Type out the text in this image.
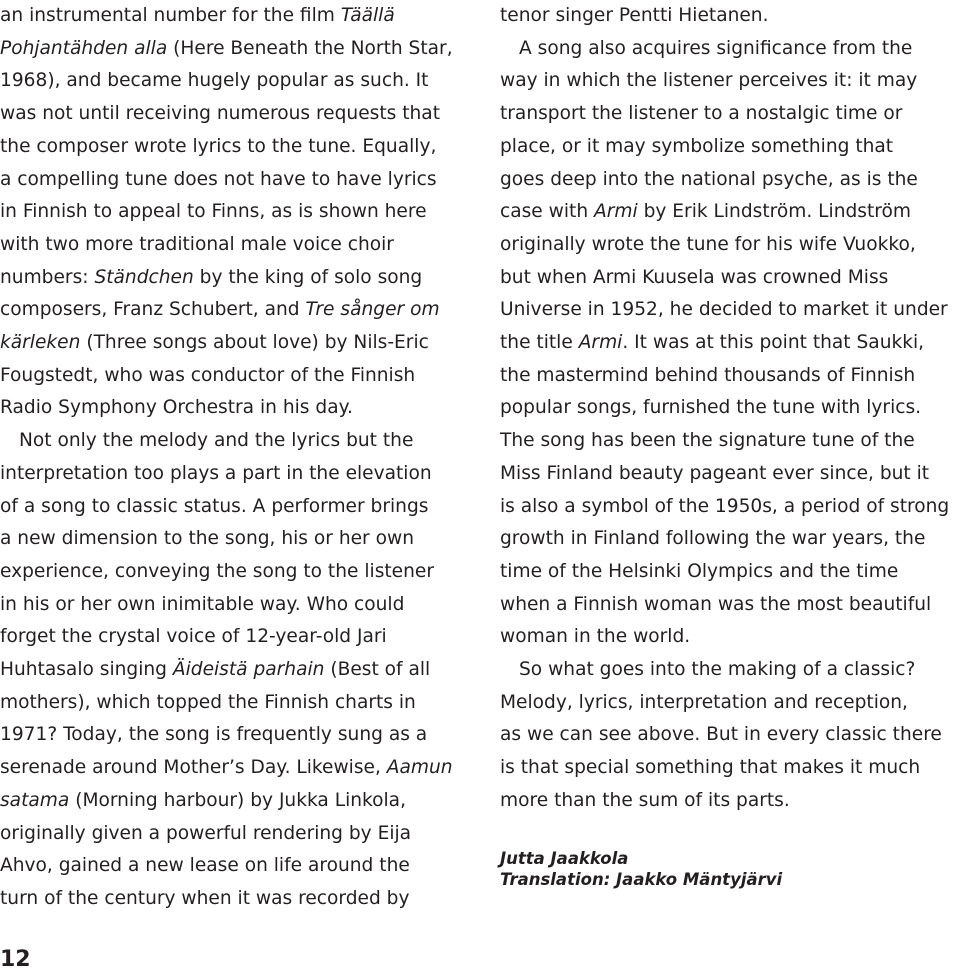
an instrumental number for the film Täällä
Pohjantähden alla (Here Beneath the North Star,
1968), and became hugely popular as such. It
was not until receiving numerous requests that
the composer wrote lyrics to the tune. Equally,
a compelling tune does not have to have lyrics
in Finnish to appeal to Finns, as is shown here
with two more traditional male voice choir
numbers: Ständchen by the king of solo song
composers, Franz Schubert, and Tre sånger om
kärleken (Three songs about love) by Nils-Eric
Fougstedt, who was conductor of the Finnish
Radio Symphony Orchestra in his day.
Not only the melody and the lyrics but the
interpretation too plays a part in the elevation
of a song to classic status. A performer brings
a new dimension to the song, his or her own
experience, conveying the song to the listener
in his or her own inimitable way. Who could
forget the crystal voice of 12-year-old Jari
Huhtasalo singing Äideistä parhain (Best of all
mothers), which topped the Finnish charts in
1971? Today, the song is frequently sung as a
serenade around Mother’s Day. Likewise, Aamun
satama (Morning harbour) by Jukka Linkola,
originally given a powerful rendering by Eija
Ahvo, gained a new lease on life around the
turn of the century when it was recorded by
tenor singer Pentti Hietanen.
A song also acquires significance from the
way in which the listener perceives it: it may
transport the listener to a nostalgic time or
place, or it may symbolize something that
goes deep into the national psyche, as is the
case with Armi by Erik Lindström. Lindström
originally wrote the tune for his wife Vuokko,
but when Armi Kuusela was crowned Miss
Universe in 1952, he decided to market it under
the title Armi. It was at this point that Saukki,
the mastermind behind thousands of Finnish
popular songs, furnished the tune with lyrics.
The song has been the signature tune of the
Miss Finland beauty pageant ever since, but it
is also a symbol of the 1950s, a period of strong
growth in Finland following the war years, the
time of the Helsinki Olympics and the time
when a Finnish woman was the most beautiful
woman in the world.
So what goes into the making of a classic?
Melody, lyrics, interpretation and reception,
as we can see above. But in every classic there
is that special something that makes it much
more than the sum of its parts.
Jutta Jaakkola
Translation: Jaakko Mäntyjärvi
12
